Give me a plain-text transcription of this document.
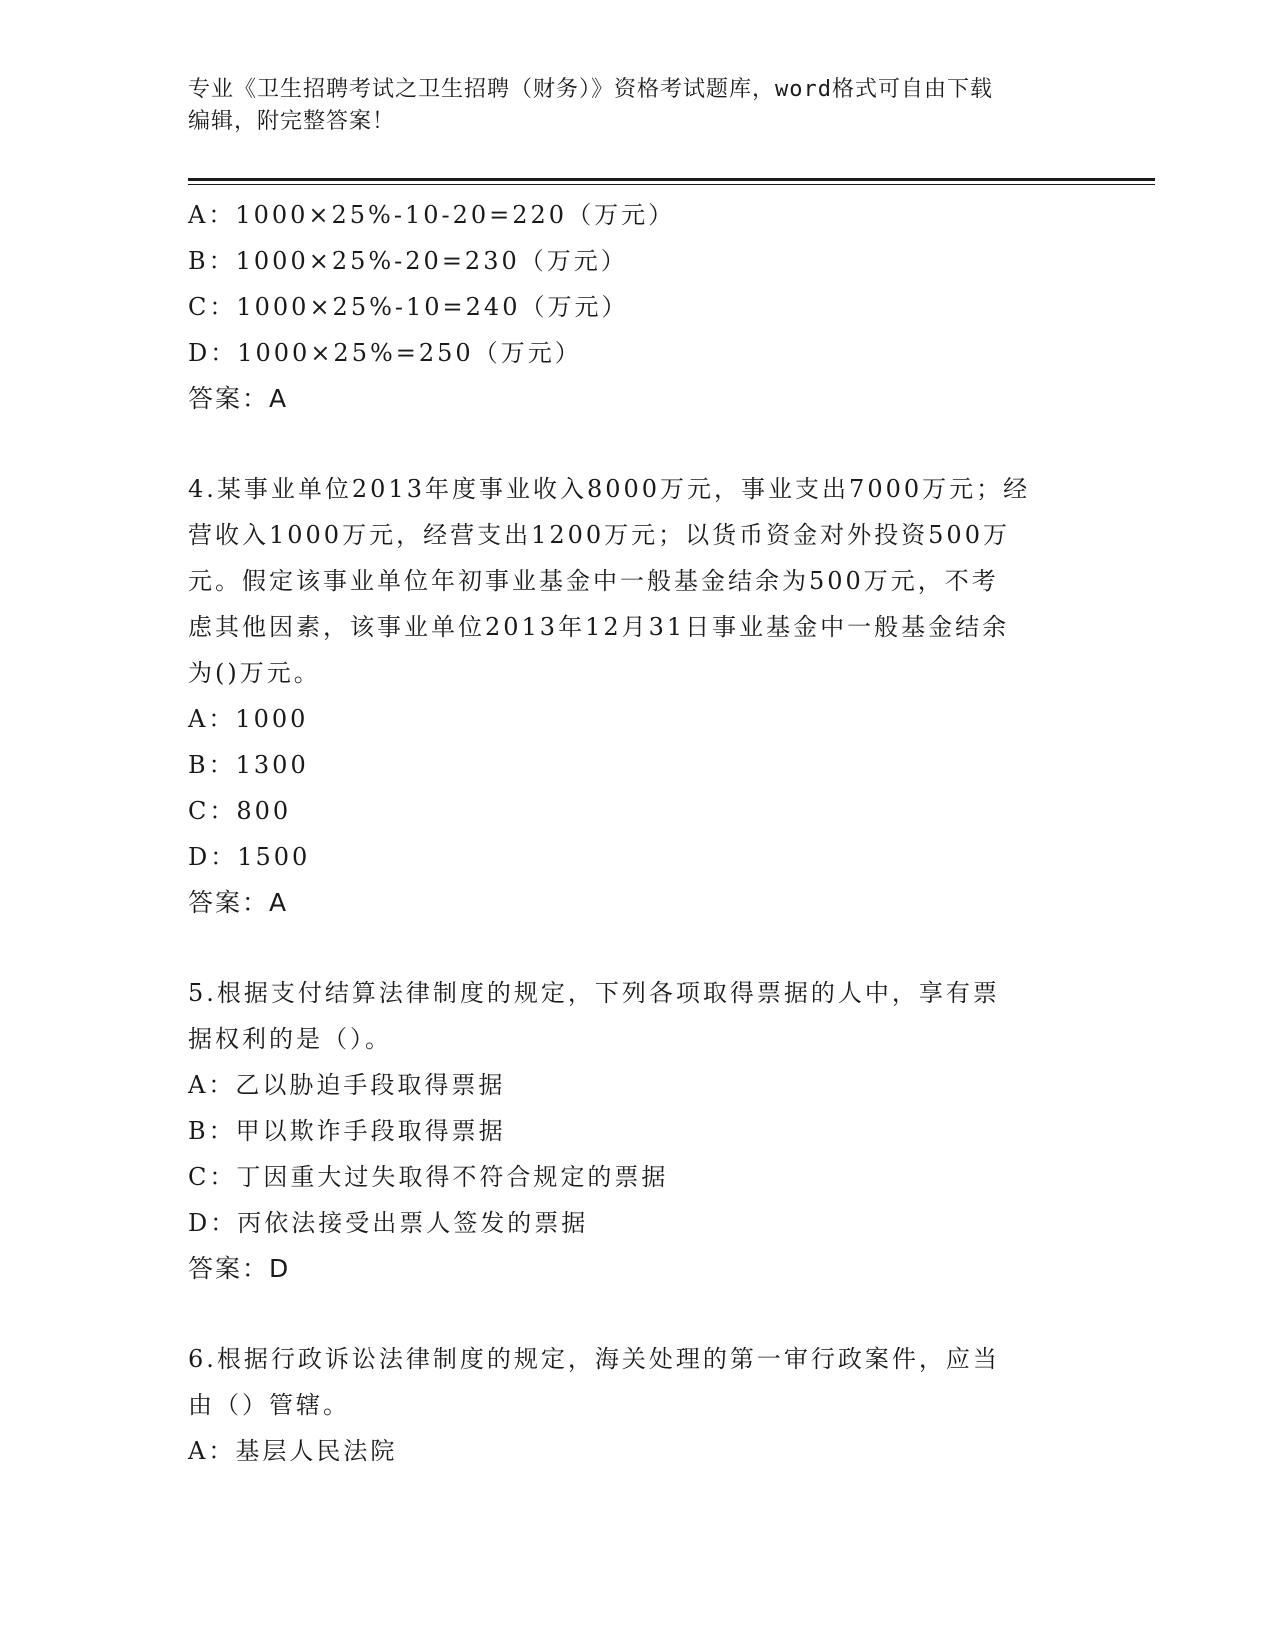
专业《卫生招聘考试之卫生招聘（财务）》资格考试题库，word格式可自由下载
编辑，附完整答案！
A：1000×25%-10-20=220（万元）
B：1000×25%-20=230（万元）
C：1000×25%-10=240（万元）
D：1000×25%=250（万元）
答案：A
4.某事业单位2013年度事业收入8000万元，事业支出7000万元；经
营收入1000万元，经营支出1200万元；以货币资金对外投资500万
元。假定该事业单位年初事业基金中一般基金结余为500万元，不考
虑其他因素，该事业单位2013年12月31日事业基金中一般基金结余
为()万元。
A：1000
B：1300
C：800
D：1500
答案：A
5.根据支付结算法律制度的规定，下列各项取得票据的人中，享有票
据权利的是（）。
A：乙以胁迫手段取得票据
B：甲以欺诈手段取得票据
C：丁因重大过失取得不符合规定的票据
D：丙依法接受出票人签发的票据
答案：D
6.根据行政诉讼法律制度的规定，海关处理的第一审行政案件，应当
由（）管辖。
A：基层人民法院
